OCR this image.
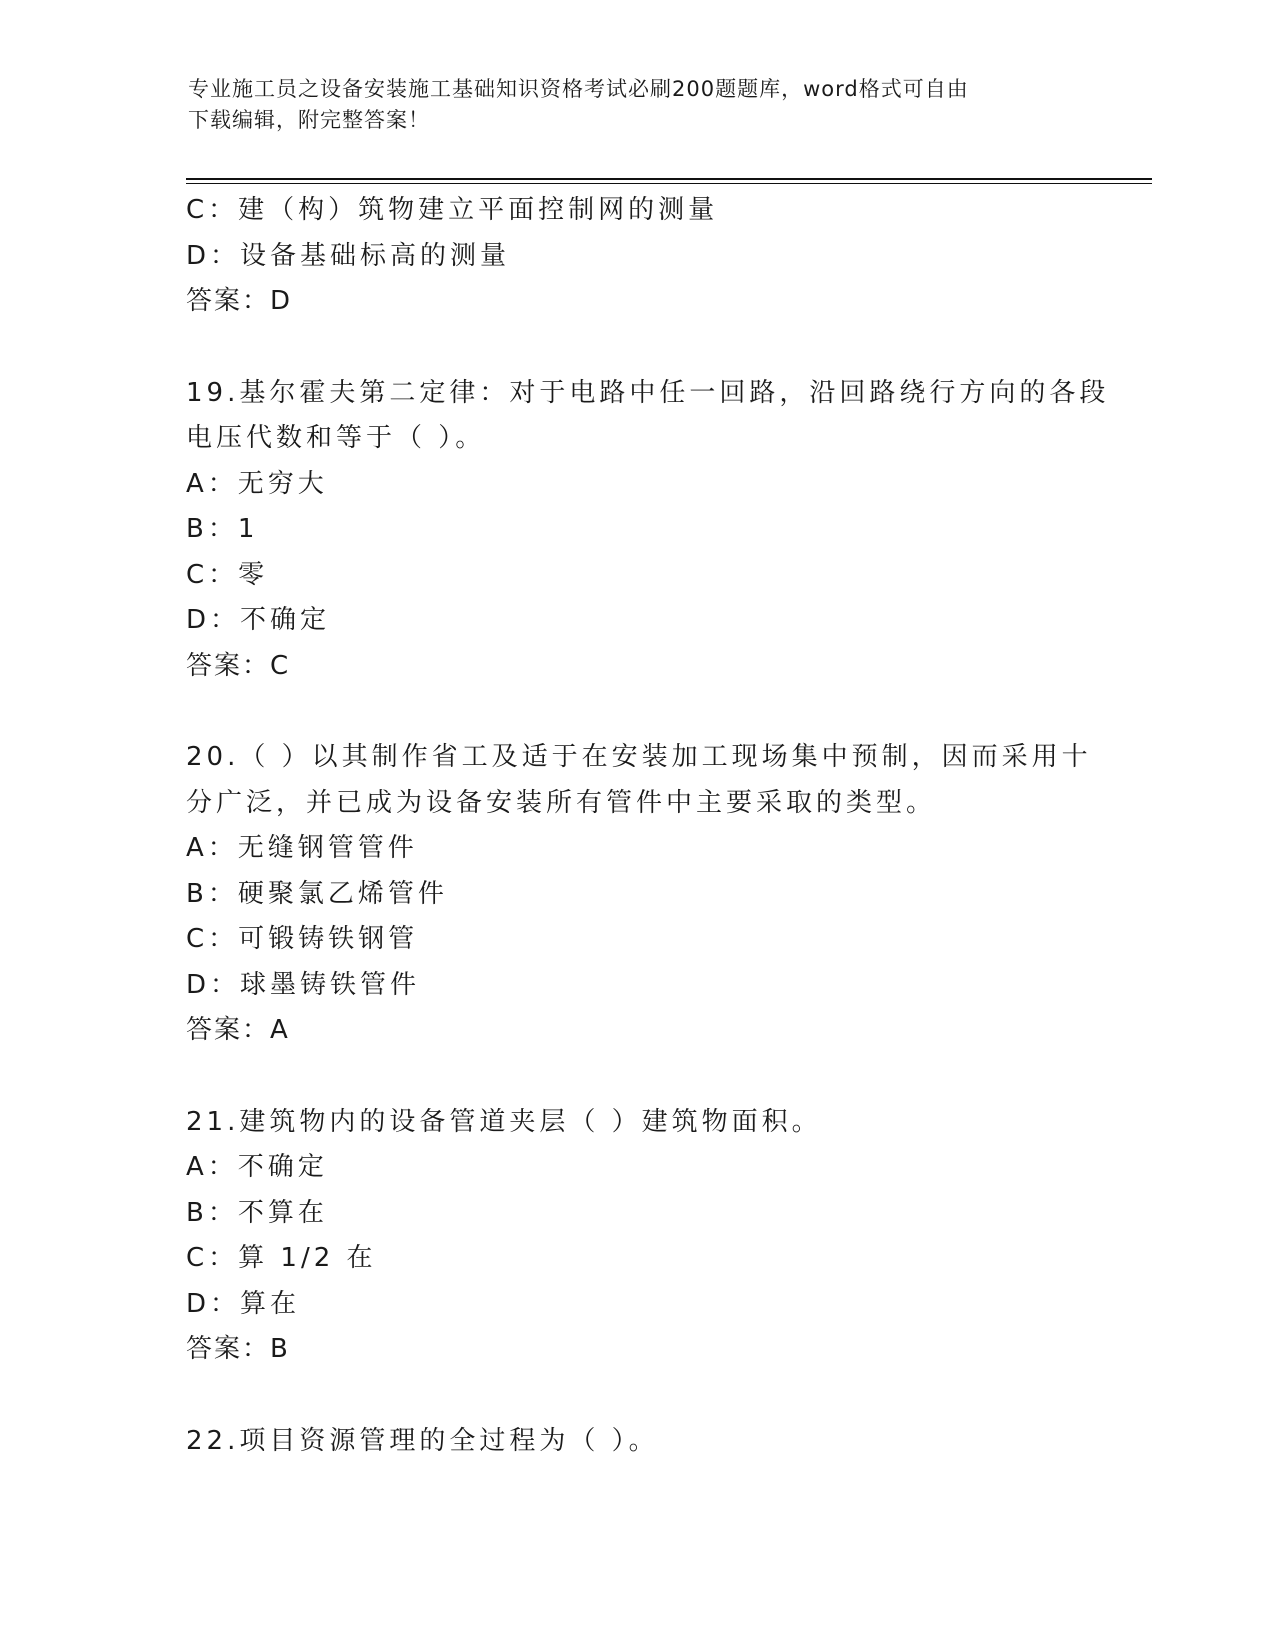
专业施工员之设备安装施工基础知识资格考试必刷200题题库，word格式可自由
下载编辑，附完整答案！
C：建（构）筑物建立平面控制网的测量
D：设备基础标高的测量
答案：D
19.基尔霍夫第二定律：对于电路中任一回路，沿回路绕行方向的各段
电压代数和等于（ ）。
A：无穷大
B：1
C：零
D：不确定
答案：C
20.（ ）以其制作省工及适于在安装加工现场集中预制，因而采用十
分广泛，并已成为设备安装所有管件中主要采取的类型。
A：无缝钢管管件
B：硬聚氯乙烯管件
C：可锻铸铁钢管
D：球墨铸铁管件
答案：A
21.建筑物内的设备管道夹层（ ）建筑物面积。
A：不确定
B：不算在
C：算 1/2 在
D：算在
答案：B
22.项目资源管理的全过程为（ ）。
